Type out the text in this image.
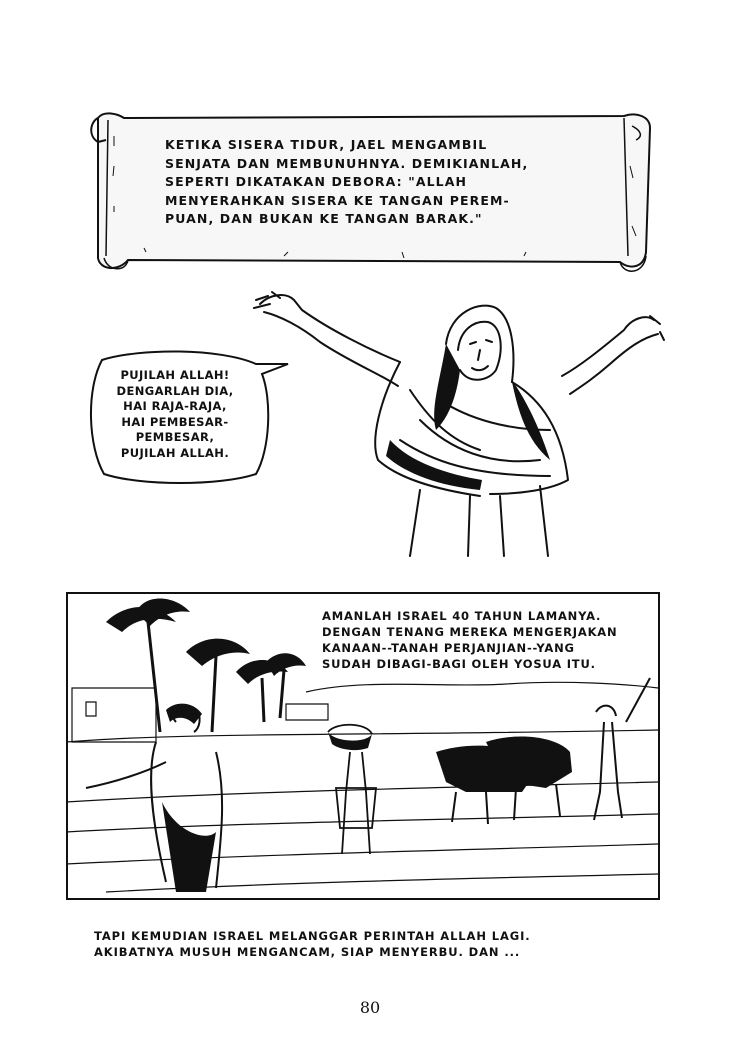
KETIKA SISERA TIDUR, JAEL MENGAMBIL
SENJATA DAN MEMBUNUHNYA. DEMIKIANLAH,
SEPERTI DIKATAKAN DEBORA: "ALLAH
MENYERAHKAN SISERA KE TANGAN PEREM-
PUAN, DAN BUKAN KE TANGAN BARAK."

PUJILAH ALLAH!
DENGARLAH DIA,
HAI RAJA-RAJA,
HAI PEMBESAR-
PEMBESAR,
PUJILAH ALLAH.

AMANLAH ISRAEL 40 TAHUN LAMANYA.
DENGAN TENANG MEREKA MENGERJAKAN
KANAAN--TANAH PERJANJIAN--YANG
SUDAH DIBAGI-BAGI OLEH YOSUA ITU.

TAPI KEMUDIAN ISRAEL MELANGGAR PERINTAH ALLAH LAGI.
AKIBATNYA MUSUH MENGANCAM, SIAP MENYERBU. DAN ...

80
